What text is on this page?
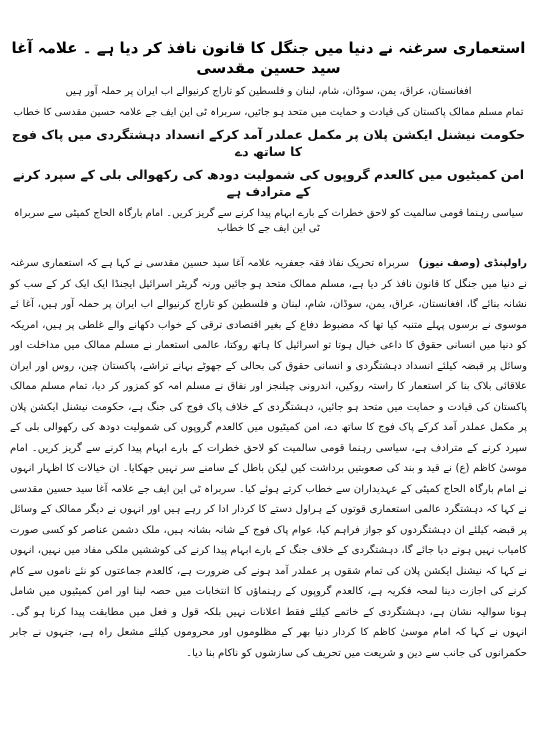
استعماری سرغنہ نے دنیا میں جنگل کا قانون نافذ کر دیا ہے ۔ علامہ آغا سید حسین مقدسی
افغانستان، عراق، یمن، سوڈان، شام، لبنان و فلسطین کو تاراج کرنیوالے اب ایران پر حملہ آور ہیں
تمام مسلم ممالک پاکستان کی قیادت و حمایت میں متحد ہو جائیں، سربراہ ٹی این ایف جے علامہ حسین مقدسی کا خطاب
حکومت نیشنل ایکشن پلان پر مکمل عملدر آمد کرکے انسداد دہشتگردی میں پاک فوج کا ساتھ دے
امن کمیٹیوں میں کالعدم گروپوں کی شمولیت دودھ کی رکھوالی بلی کے سپرد کرنے کے مترادف ہے
سیاسی رہنما قومی سالمیت کو لاحق خطرات کے بارے ابہام پیدا کرنے سے گریز کریں۔ امام بارگاہ الحاج کمیٹی سے سربراہ ٹی این ایف جے کا خطاب

راولپنڈی (وصف نیوز) سربراہ تحریک نفاذ فقہ جعفریہ علامہ آغا سید حسین مقدسی نے کہا ہے کہ استعماری سرغنہ نے دنیا میں جنگل کا قانون نافذ کر دیا ہے، مسلم ممالک متحد ہو جائیں ورنہ گریٹر اسرائیل ایجنڈا ایک ایک کر کے سب کو نشانہ بنائے گا، افغانستان، عراق، یمن، سوڈان، شام، لبنان و فلسطین کو تاراج کرنیوالے اب ایران پر حملہ آور ہیں، آغا ئے موسوی نے برسوں پہلے متنبہ کیا تھا کہ مضبوط دفاع کے بغیر اقتصادی ترقی کے خواب دکھانے والے غلطی پر ہیں، امریکہ کو دنیا میں انسانی حقوق کا داعی خیال ہوتا تو اسرائیل کا ہاتھ روکتا، عالمی استعمار نے مسلم ممالک میں مداخلت اور وسائل پر قبضہ کیلئے انسداد دہشتگردی و انسانی حقوق کی بحالی کے جھوٹے بہانے تراشے، پاکستان چین، روس اور ایران علاقائی بلاک بنا کر استعمار کا راستہ روکیں، اندرونی چیلنجز اور نفاق نے مسلم امہ کو کمزور کر دیا، تمام مسلم ممالک پاکستان کی قیادت و حمایت میں متحد ہو جائیں، دہشتگردی کے خلاف پاک فوج کی جنگ ہے، حکومت نیشنل ایکشن پلان پر مکمل عملدر آمد کرکے پاک فوج کا ساتھ دے، امن کمیٹیوں میں کالعدم گروپوں کی شمولیت دودھ کی رکھوالی بلی کے سپرد کرنے کے مترادف ہے، سیاسی رہنما قومی سالمیت کو لاحق خطرات کے بارے ابہام پیدا کرنے سے گریز کریں۔ امام موسیٰ کاظم (ع) نے قید و بند کی صعوبتیں برداشت کیں لیکن باطل کے سامنے سر نہیں جھکایا۔ ان خیالات کا اظہار انہوں نے امام بارگاہ الحاج کمیٹی کے عہدیداران سے خطاب کرتے ہوئے کیا۔ سربراہ ٹی این ایف جے علامہ آغا سید حسین مقدسی نے کہا کہ دہشتگرد عالمی استعماری قوتوں کے ہراول دستے کا کردار ادا کر رہے ہیں اور انہوں نے دیگر ممالک کے وسائل پر قبضہ کیلئے ان دہشتگردوں کو جواز فراہم کیا، عوام پاک فوج کے شانہ بشانہ ہیں، ملک دشمن عناصر کو کسی صورت کامیاب نہیں ہونے دیا جائے گا، دہشتگردی کے خلاف جنگ کے بارے ابہام پیدا کرنے کی کوششیں ملکی مفاد میں نہیں، انہوں نے کہا کہ نیشنل ایکشن پلان کی تمام شقوں پر عملدر آمد ہونے کی ضرورت ہے، کالعدم جماعتوں کو نئے ناموں سے کام کرنے کی اجازت دینا لمحہ فکریہ ہے، کالعدم گروپوں کے رہنماؤں کا انتخابات میں حصہ لینا اور امن کمیٹیوں میں شامل ہونا سوالیہ نشان ہے، دہشتگردی کے خاتمے کیلئے فقط اعلانات نہیں بلکہ قول و فعل میں مطابقت پیدا کرنا ہو گی۔ انہوں نے کہا کہ امام موسیٰ کاظم کا کردار دنیا بھر کے مظلوموں اور محروموں کیلئے مشعل راہ ہے، جنہوں نے جابر حکمرانوں کی جانب سے دین و شریعت میں تحریف کی سازشوں کو ناکام بنا دیا۔
